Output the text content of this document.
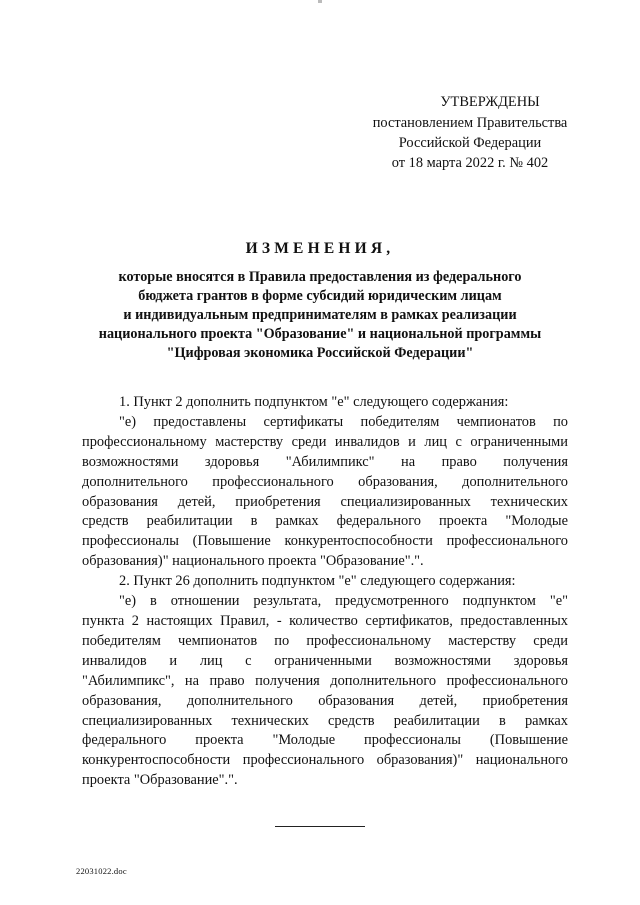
УТВЕРЖДЕНЫ
постановлением Правительства
Российской Федерации
от 18 марта 2022 г. № 402
ИЗМЕНЕНИЯ,
которые вносятся в Правила предоставления из федерального
бюджета грантов в форме субсидий юридическим лицам
и индивидуальным предпринимателям в рамках реализации
национального проекта "Образование" и национальной программы
"Цифровая экономика Российской Федерации"

1. Пункт 2 дополнить подпунктом "е" следующего содержания:

"е) предоставлены сертификаты победителям чемпионатов по
профессиональному мастерству среди инвалидов и лиц с ограниченными
возможностями здоровья "Абилимпикс" на право получения
дополнительного профессионального образования, дополнительного
образования детей, приобретения специализированных технических
средств реабилитации в рамках федерального проекта "Молодые
профессионалы (Повышение конкурентоспособности профессионального
образования)" национального проекта "Образование".".

2. Пункт 26 дополнить подпунктом "е" следующего содержания:

"е) в отношении результата, предусмотренного подпунктом "е"
пункта 2 настоящих Правил, - количество сертификатов, предоставленных
победителям чемпионатов по профессиональному мастерству среди
инвалидов и лиц с ограниченными возможностями здоровья
"Абилимпикс", на право получения дополнительного профессионального
образования, дополнительного образования детей, приобретения
специализированных технических средств реабилитации в рамках
федерального проекта "Молодые профессионалы (Повышение
конкурентоспособности профессионального образования)" национального
проекта "Образование".".

22031022.doc
